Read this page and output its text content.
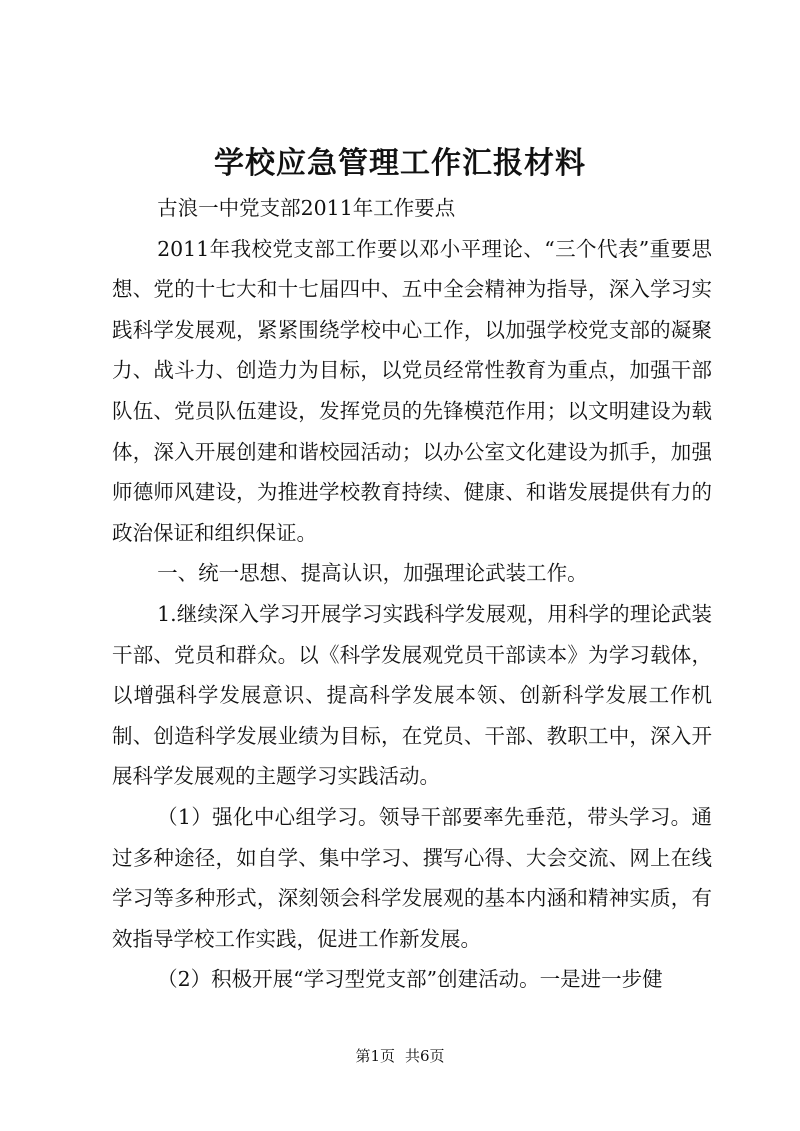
学校应急管理工作汇报材料

古浪一中党支部2011年工作要点

2011年我校党支部工作要以邓小平理论、“三个代表”重要思想、党的十七大和十七届四中、五中全会精神为指导，深入学习实践科学发展观，紧紧围绕学校中心工作，以加强学校党支部的凝聚力、战斗力、创造力为目标，以党员经常性教育为重点，加强干部队伍、党员队伍建设，发挥党员的先锋模范作用；以文明建设为载体，深入开展创建和谐校园活动；以办公室文化建设为抓手，加强师德师风建设，为推进学校教育持续、健康、和谐发展提供有力的政治保证和组织保证。

一、统一思想、提高认识，加强理论武装工作。

1.继续深入学习开展学习实践科学发展观，用科学的理论武装干部、党员和群众。以《科学发展观党员干部读本》为学习载体，以增强科学发展意识、提高科学发展本领、创新科学发展工作机制、创造科学发展业绩为目标，在党员、干部、教职工中，深入开展科学发展观的主题学习实践活动。

（1）强化中心组学习。领导干部要率先垂范，带头学习。通过多种途径，如自学、集中学习、撰写心得、大会交流、网上在线学习等多种形式，深刻领会科学发展观的基本内涵和精神实质，有效指导学校工作实践，促进工作新发展。

（2）积极开展“学习型党支部”创建活动。一是进一步健

第1页 共6页
